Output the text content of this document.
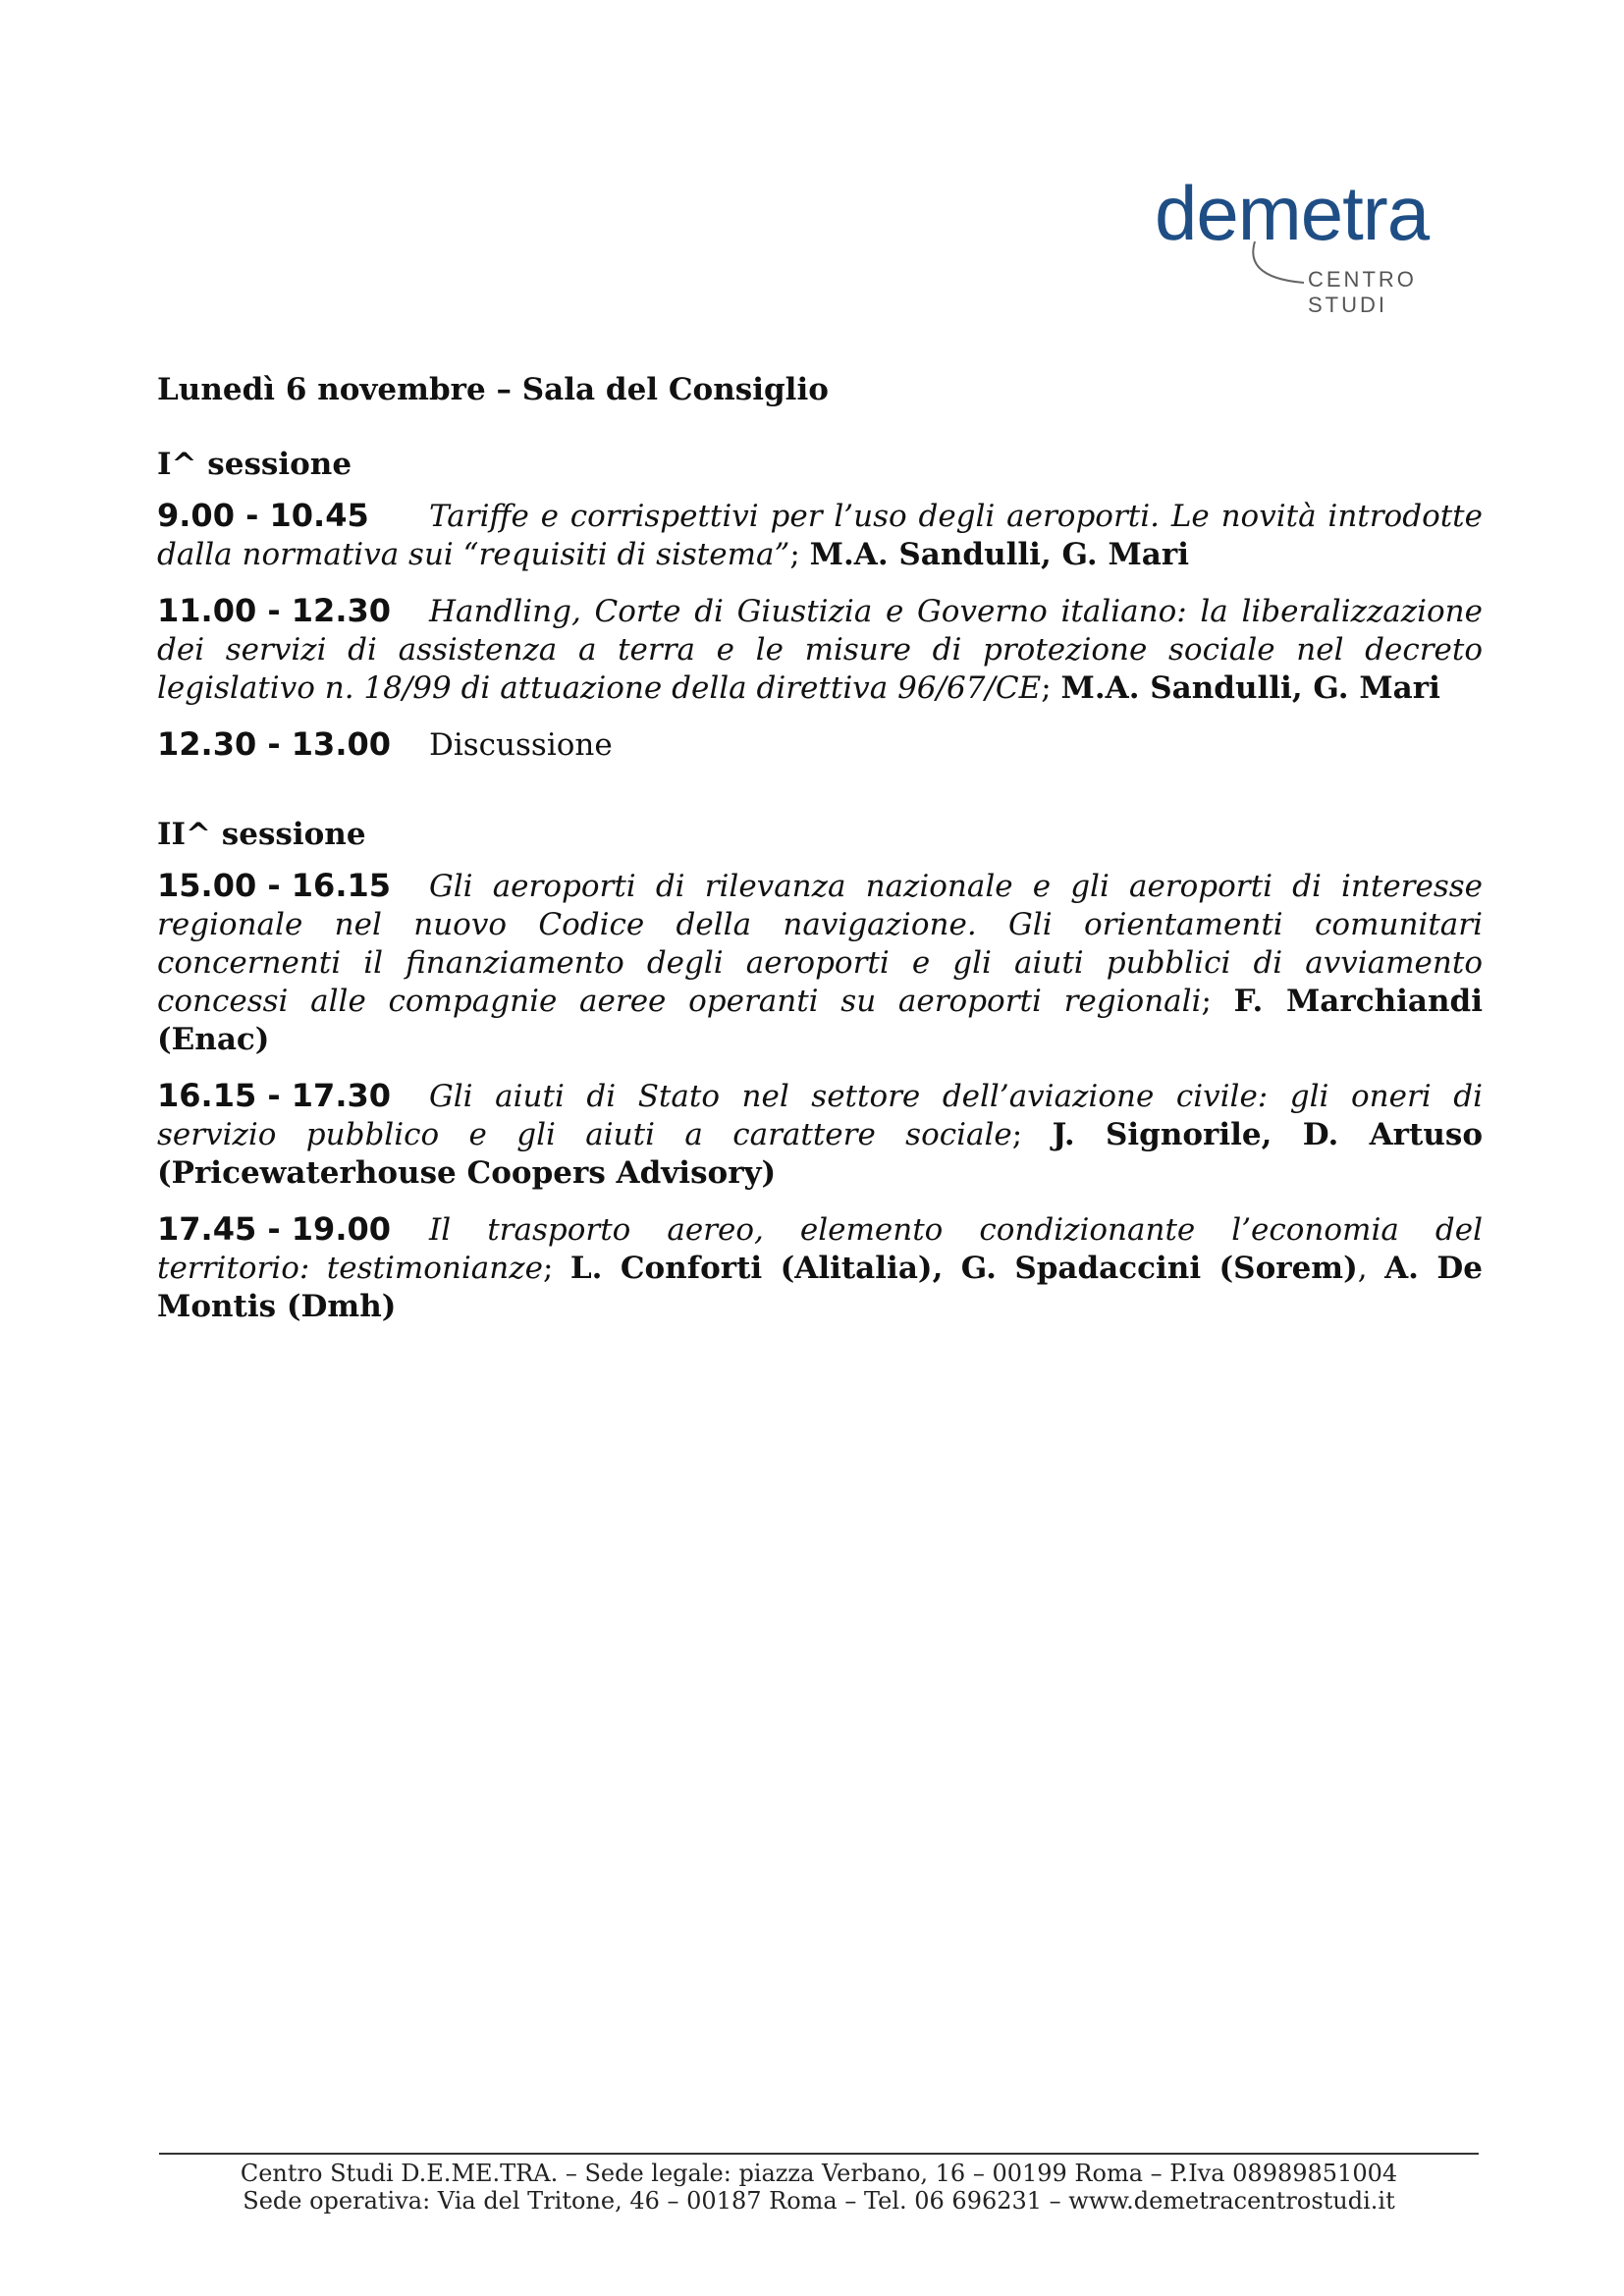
demetra
CENTRO STUDI
Lunedì 6 novembre – Sala del Consiglio
I^ sessione
9.00 - 10.45 Tariffe e corrispettivi per l’uso degli aeroporti. Le novità introdotte dalla normativa sui “requisiti di sistema”; M.A. Sandulli, G. Mari
11.00 - 12.30 Handling, Corte di Giustizia e Governo italiano: la liberalizzazione dei servizi di assistenza a terra e le misure di protezione sociale nel decreto legislativo n. 18/99 di attuazione della direttiva 96/67/CE; M.A. Sandulli, G. Mari
12.30 - 13.00 Discussione
II^ sessione
15.00 - 16.15 Gli aeroporti di rilevanza nazionale e gli aeroporti di interesse regionale nel nuovo Codice della navigazione. Gli orientamenti comunitari concernenti il finanziamento degli aeroporti e gli aiuti pubblici di avviamento concessi alle compagnie aeree operanti su aeroporti regionali; F. Marchiandi (Enac)
16.15 - 17.30 Gli aiuti di Stato nel settore dell’aviazione civile: gli oneri di servizio pubblico e gli aiuti a carattere sociale; J. Signorile, D. Artuso (Pricewaterhouse Coopers Advisory)
17.45 - 19.00 Il trasporto aereo, elemento condizionante l’economia del territorio: testimonianze; L. Conforti (Alitalia), G. Spadaccini (Sorem), A. De Montis (Dmh)
Centro Studi D.E.ME.TRA. – Sede legale: piazza Verbano, 16 – 00199 Roma – P.Iva 08989851004
Sede operativa: Via del Tritone, 46 – 00187 Roma – Tel. 06 696231 – www.demetracentrostudi.it
